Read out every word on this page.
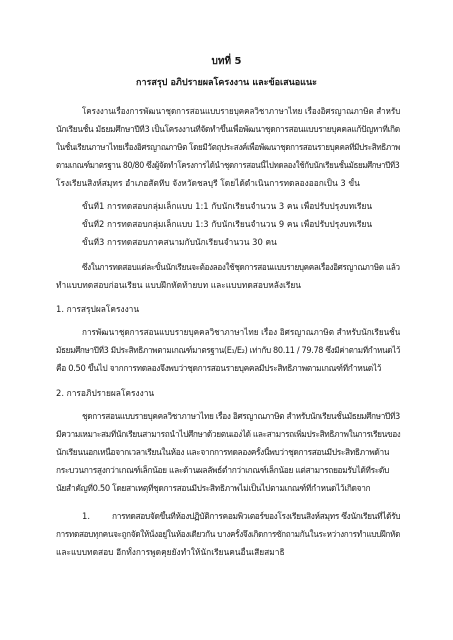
บทที่ 5
การสรุป อภิปรายผลโครงงาน และข้อเสนอแนะ
โครงงานเรื่องการพัฒนาชุดการสอนแบบรายบุคคลวิชาภาษาไทย เรื่องอิศรญาณภาษิต สำหรับ
นักเรียนชั้น มัธยมศึกษาปีที่3 เป็นโครงงานที่จัดทำขึ้นเพื่อพัฒนาชุดการสอนแบบรายบุคคลแก้ปัญหาที่เกิด
ในชั้นเรียนภาษาไทยเรื่องอิศรญาณภาษิต โดยมีวัตถุประสงค์เพื่อพัฒนาชุดการสอนรายบุคคลที่มีประสิทธิภาพ
ตามเกณฑ์มาตรฐาน 80/80 ซึ่งผู้จัดทำโครงการได้นำชุดการสอนนี้ไปทดลองใช้กับนักเรียนชั้นมัธยมศึกษาปีที่3
โรงเรียนสิงห์สมุทร อำเภอสัตหีบ จังหวัดชลบุรี โดยได้ดำเนินการทดลองออกเป็น 3 ขั้น
ขั้นที่1 การทดสอบกลุ่มเล็กแบบ 1:1 กับนักเรียนจำนวน 3 คน เพื่อปรับปรุงบทเรียน
ขั้นที่2 การทดสอบกลุ่มเล็กแบบ 1:3 กับนักเรียนจำนวน 9 คน เพื่อปรับปรุงบทเรียน
ขั้นที่3 การทดสอบภาคสนามกับนักเรียนจำนวน 30 คน
ซึ่งในการทดสอบแต่ละขั้นนักเรียนจะต้องลองใช้ชุดการสอนแบบรายบุคคลเรื่องอิศรญาณภาษิต แล้ว
ทำแบบทดสอบก่อนเรียน แบบฝึกหัดท้ายบท และแบบทดสอบหลังเรียน
1. การสรุปผลโครงงาน
การพัฒนาชุดการสอนแบบรายบุคคลวิชาภาษาไทย เรื่อง อิศรญาณภาษิต สำหรับนักเรียนชั้น
มัธยมศึกษาปีที่3 มีประสิทธิภาพตามเกณฑ์มาตรฐาน(E₁/E₂) เท่ากับ 80.11 / 79.78 ซึ่งมีค่าตามที่กำหนดไว้
คือ 0.50 ขึ้นไป จากการทดลองจึงพบว่าชุดการสอนรายบุคคลมีประสิทธิภาพตามเกณฑ์ที่กำหนดไว้
2. การอภิปรายผลโครงงาน
ชุดการสอนแบบรายบุคคลวิชาภาษาไทย เรื่อง อิศรญาณภาษิต สำหรับนักเรียนชั้นมัธยมศึกษาปีที่3
มีความเหมาะสมที่นักเรียนสามารถนำไปศึกษาด้วยตนเองได้ และสามารถเพิ่มประสิทธิภาพในการเรียนของ
นักเรียนนอกเหนือจากเวลาเรียนในห้อง และจากการทดลองครั้งนี้พบว่าชุดการสอนมีประสิทธิภาพด้าน
กระบวนการสูงกว่าเกณฑ์เล็กน้อย และด้านผลลัพธ์ต่ำกว่าเกณฑ์เล็กน้อย แต่สามารถยอมรับได้ที่ระดับ
นัยสำคัญที่0.50 โดยสาเหตุที่ชุดการสอนมีประสิทธิภาพไม่เป็นไปตามเกณฑ์ที่กำหนดไว้เกิดจาก
1.	การทดสอบจัดขึ้นที่ห้องปฏิบัติการคอมพิวเตอร์ของโรงเรียนสิงห์สมุทร ซึ่งนักเรียนที่ได้รับ
การทดสอบทุกคนจะถูกจัดให้นั่งอยู่ในห้องเดียวกัน บางครั้งจึงเกิดการซักถามกันในระหว่างการทำแบบฝึกหัด
และแบบทดสอบ อีกทั้งการพูดคุยยังทำให้นักเรียนคนอื่นเสียสมาธิ
